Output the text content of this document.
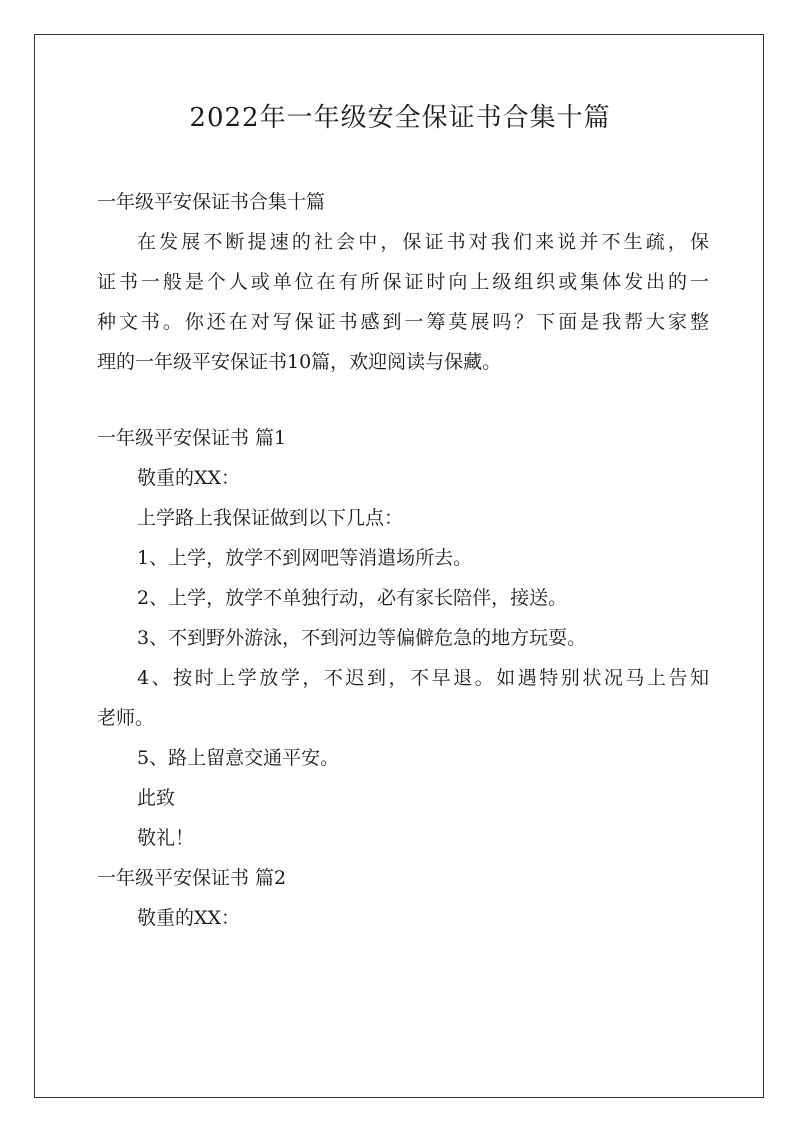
2022年一年级安全保证书合集十篇
一年级平安保证书合集十篇
在发展不断提速的社会中，保证书对我们来说并不生疏，保
证书一般是个人或单位在有所保证时向上级组织或集体发出的一
种文书。你还在对写保证书感到一筹莫展吗？下面是我帮大家整
理的一年级平安保证书10篇，欢迎阅读与保藏。
一年级平安保证书 篇1
敬重的XX：
上学路上我保证做到以下几点：
1、上学，放学不到网吧等消遣场所去。
2、上学，放学不单独行动，必有家长陪伴，接送。
3、不到野外游泳，不到河边等偏僻危急的地方玩耍。
4、按时上学放学，不迟到，不早退。如遇特别状况马上告知
老师。
5、路上留意交通平安。
此致
敬礼！
一年级平安保证书 篇2
敬重的XX：
